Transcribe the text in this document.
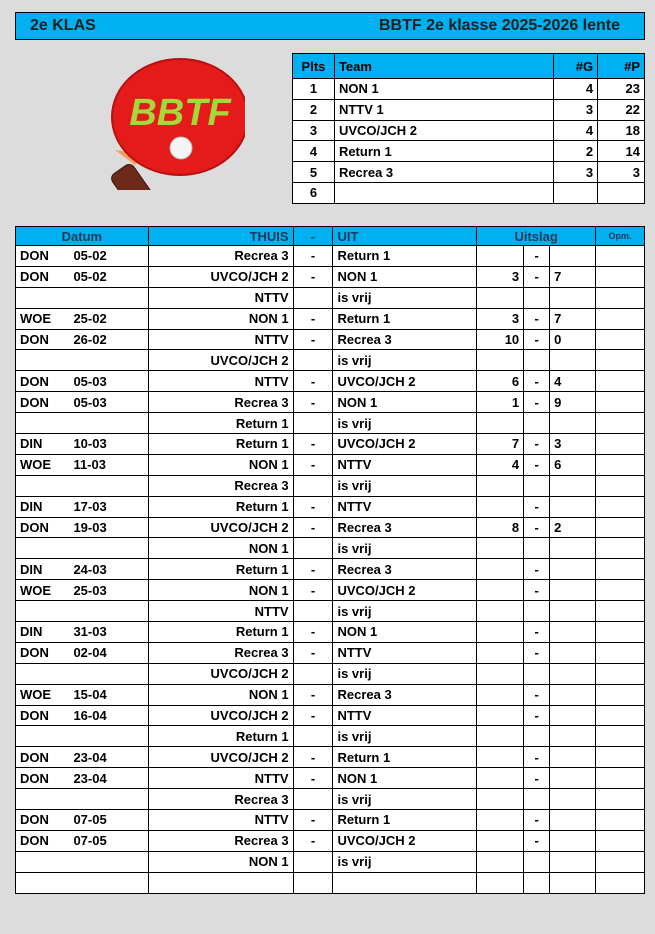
2e KLAS	BBTF 2e klasse 2025-2026 lente
BBTF
Plts	Team	#G	#P
1	NON 1	4	23
2	NTTV 1	3	22
3	UVCO/JCH 2	4	18
4	Return 1	2	14
5	Recrea 3	3	3
6			
Datum		THUIS	-	UIT	Uitslag			Opm.
DON	05-02	Recrea 3	-	Return 1		-		
DON	05-02	UVCO/JCH 2	-	NON 1	3	-	7	
		NTTV		is vrij				
WOE	25-02	NON 1	-	Return 1	3	-	7	
DON	26-02	NTTV	-	Recrea 3	10	-	0	
		UVCO/JCH 2		is vrij				
DON	05-03	NTTV	-	UVCO/JCH 2	6	-	4	
DON	05-03	Recrea 3	-	NON 1	1	-	9	
		Return 1		is vrij				
DIN	10-03	Return 1	-	UVCO/JCH 2	7	-	3	
WOE	11-03	NON 1	-	NTTV	4	-	6	
		Recrea 3		is vrij				
DIN	17-03	Return 1	-	NTTV		-		
DON	19-03	UVCO/JCH 2	-	Recrea 3	8	-	2	
		NON 1		is vrij				
DIN	24-03	Return 1	-	Recrea 3		-		
WOE	25-03	NON 1	-	UVCO/JCH 2		-		
		NTTV		is vrij				
DIN	31-03	Return 1	-	NON 1		-		
DON	02-04	Recrea 3	-	NTTV		-		
		UVCO/JCH 2		is vrij				
WOE	15-04	NON 1	-	Recrea 3		-		
DON	16-04	UVCO/JCH 2	-	NTTV		-		
		Return 1		is vrij				
DON	23-04	UVCO/JCH 2	-	Return 1		-		
DON	23-04	NTTV	-	NON 1		-		
		Recrea 3		is vrij				
DON	07-05	NTTV	-	Return 1		-		
DON	07-05	Recrea 3	-	UVCO/JCH 2		-		
		NON 1		is vrij				
